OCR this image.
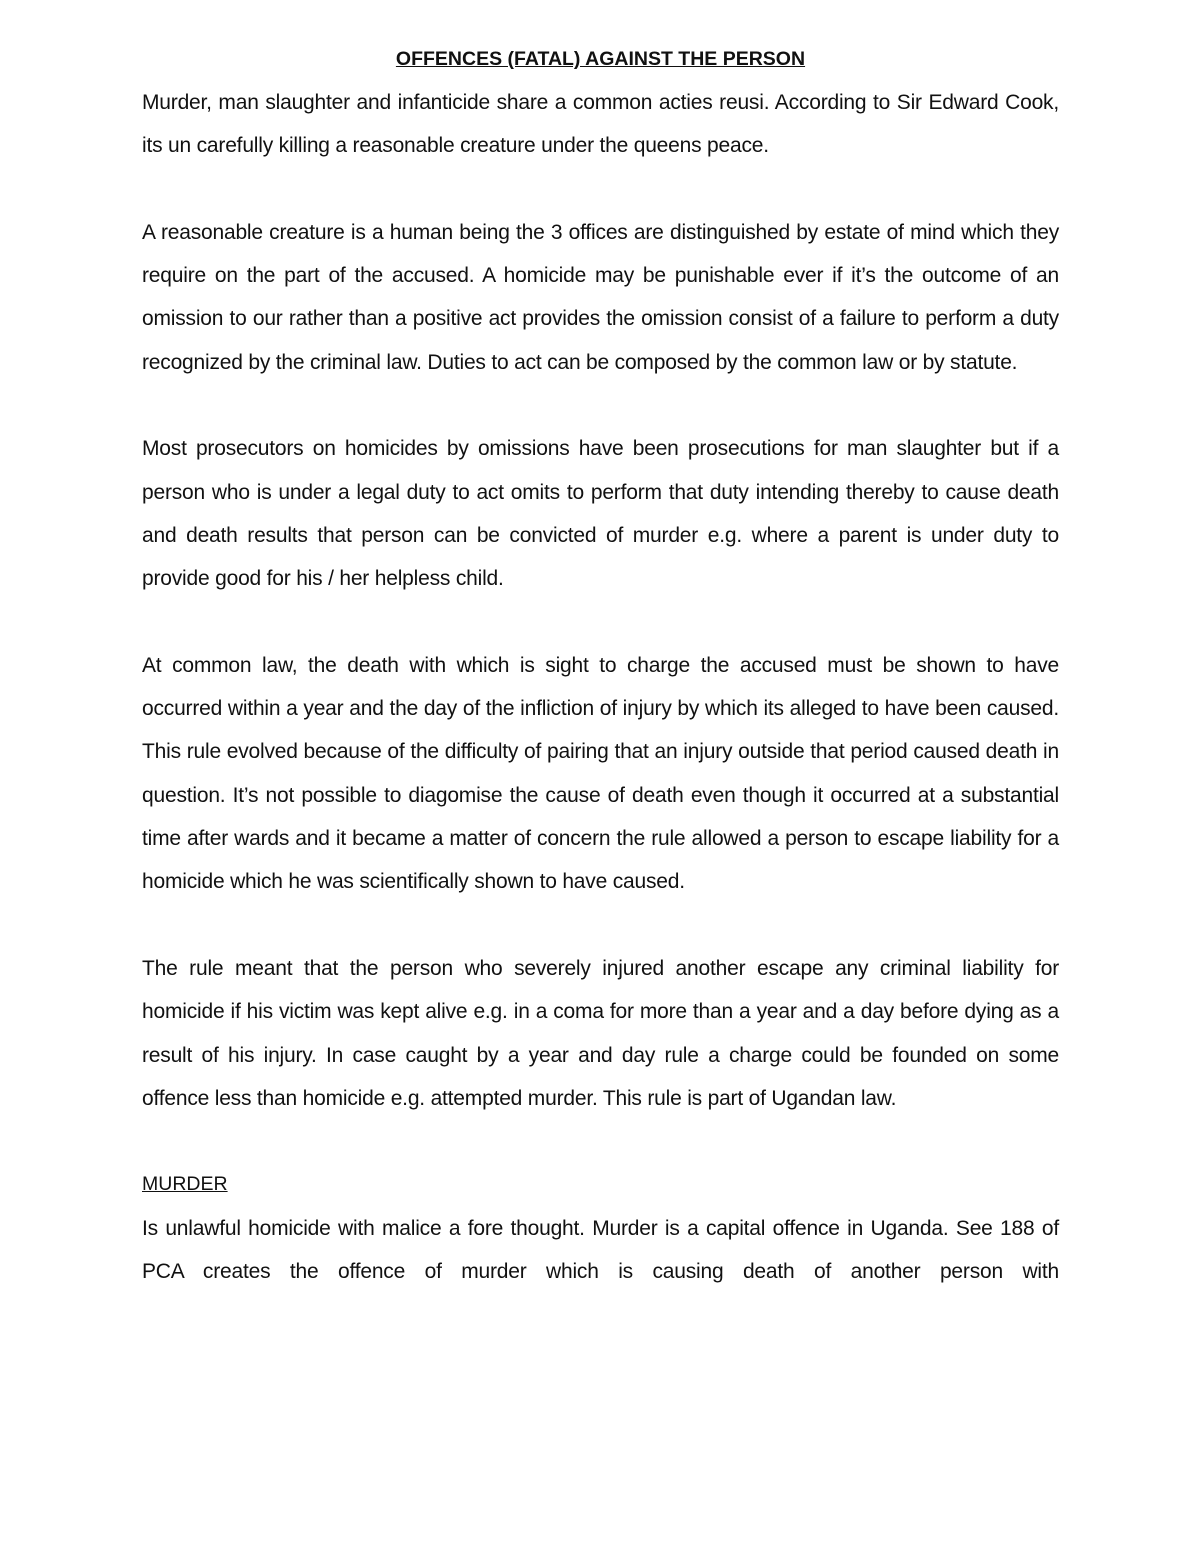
OFFENCES (FATAL) AGAINST THE PERSON

Murder, man slaughter and infanticide share a common acties reusi. According to Sir Edward Cook, its un carefully killing a reasonable creature under the queens peace.

A reasonable creature is a human being the 3 offices are distinguished by estate of mind which they require on the part of the accused. A homicide may be punishable ever if it’s the outcome of an omission to our rather than a positive act provides the omission consist of a failure to perform a duty recognized by the criminal law. Duties to act can be composed by the common law or by statute.

Most prosecutors on homicides by omissions have been prosecutions for man slaughter but if a person who is under a legal duty to act omits to perform that duty intending thereby to cause death and death results that person can be convicted of murder e.g. where a parent is under duty to provide good for his / her helpless child.

At common law, the death with which is sight to charge the accused must be shown to have occurred within a year and the day of the infliction of injury by which its alleged to have been caused. This rule evolved because of the difficulty of pairing that an injury outside that period caused death in question. It’s not possible to diagomise the cause of death even though it occurred at a substantial time after wards and it became a matter of concern the rule allowed a person to escape liability for a homicide which he was scientifically shown to have caused.

The rule meant that the person who severely injured another escape any criminal liability for homicide if his victim was kept alive e.g. in a coma for more than a year and a day before dying as a result of his injury. In case caught by a year and day rule a charge could be founded on some offence less than homicide e.g. attempted murder. This rule is part of Ugandan law.

MURDER

Is unlawful homicide with malice a fore thought. Murder is a capital offence in Uganda. See 188 of PCA creates the offence of murder which is causing death of another person with
